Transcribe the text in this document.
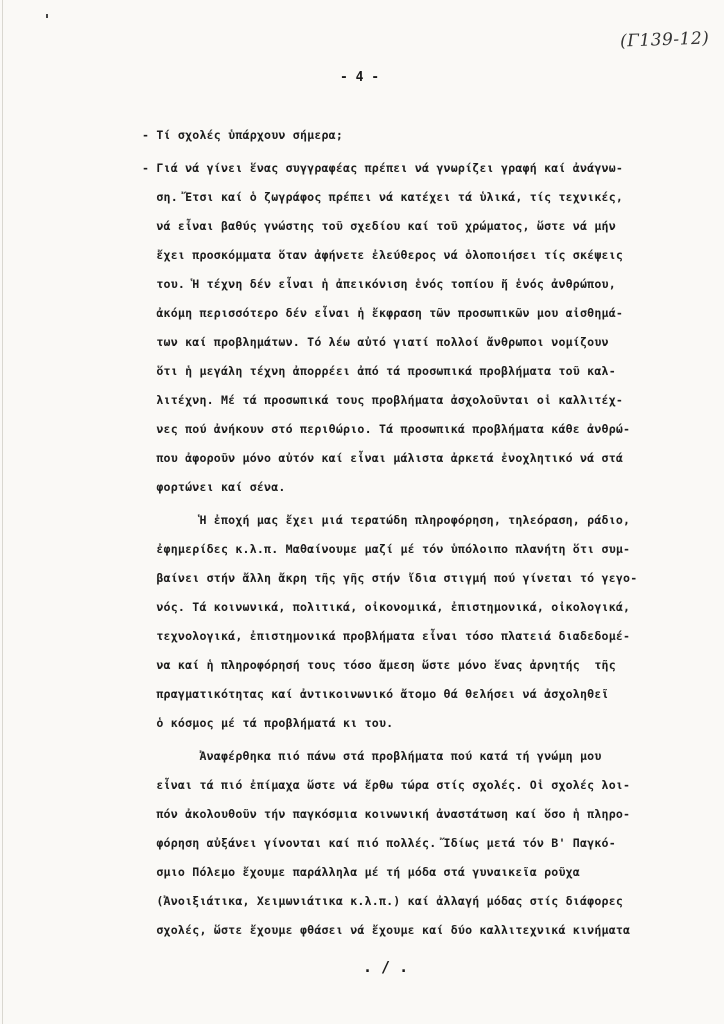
(Γ139-12)
- 4 -
- Τί σχολές ὑπάρχουν σήμερα;
- Γιά νά γίνει ἕνας συγγραφέας πρέπει νά γνωρίζει γραφή καί ἀνάγνω-
ση. Ἔτσι καί ὁ ζωγράφος πρέπει νά κατέχει τά ὑλικά, τίς τεχνικές,
νά εἶναι βαθύς γνώστης τοῦ σχεδίου καί τοῦ χρώματος, ὥστε νά μήν
ἔχει προσκόμματα ὅταν ἀφήνετε ἐλεύθερος νά ὁλοποιήσει τίς σκέψεις
του. Ἡ τέχνη δέν εἶναι ἡ ἀπεικόνιση ἑνός τοπίου ἤ ἑνός ἀνθρώπου,
ἀκόμη περισσότερο δέν εἶναι ἡ ἔκφραση τῶν προσωπικῶν μου αἰσθημά-
των καί προβλημάτων. Τό λέω αὐτό γιατί πολλοί ἄνθρωποι νομίζουν
ὅτι ἡ μεγάλη τέχνη ἀπορρέει ἀπό τά προσωπικά προβλήματα τοῦ καλ-
λιτέχνη. Μέ τά προσωπικά τους προβλήματα ἀσχολοῦνται οἱ καλλιτέχ-
νες πού ἀνήκουν στό περιθώριο. Τά προσωπικά προβλήματα κάθε ἀνθρώ-
που ἀφοροῦν μόνο αὐτόν καί εἶναι μάλιστα ἀρκετά ἐνοχλητικό νά στά
φορτώνει καί σένα.
Ἡ ἐποχή μας ἔχει μιά τερατώδη πληροφόρηση, τηλεόραση, ράδιο,
ἐφημερίδες κ.λ.π. Μαθαίνουμε μαζί μέ τόν ὑπόλοιπο πλανήτη ὅτι συμ-
βαίνει στήν ἄλλη ἄκρη τῆς γῆς στήν ἴδια στιγμή πού γίνεται τό γεγο-
νός. Τά κοινωνικά, πολιτικά, οἰκονομικά, ἐπιστημονικά, οἰκολογικά,
τεχνολογικά, ἐπιστημονικά προβλήματα εἶναι τόσο πλατειά διαδεδομέ-
να καί ἡ πληροφόρησή τους τόσο ἄμεση ὥστε μόνο ἕνας ἀρνητής  τῆς
πραγματικότητας καί ἀντικοινωνικό ἄτομο θά θελήσει νά ἀσχοληθεῖ
ὁ κόσμος μέ τά προβλήματά κι του.
Ἀναφέρθηκα πιό πάνω στά προβλήματα πού κατά τή γνώμη μου
εἶναι τά πιό ἐπίμαχα ὥστε νά ἔρθω τώρα στίς σχολές. Οἱ σχολές λοι-
πόν ἀκολουθοῦν τήν παγκόσμια κοινωνική ἀναστάτωση καί ὅσο ἡ πληρο-
φόρηση αὐξάνει γίνονται καί πιό πολλές. Ἴδίως μετά τόν Β' Παγκό-
σμιο Πόλεμο ἔχουμε παράλληλα μέ τή μόδα στά γυναικεῖα ροῦχα
(Ἀνοιξιάτικα, Χειμωνιάτικα κ.λ.π.) καί ἀλλαγή μόδας στίς διάφορες
σχολές, ὥστε ἔχουμε φθάσει νά ἔχουμε καί δύο καλλιτεχνικά κινήματα
. / .
